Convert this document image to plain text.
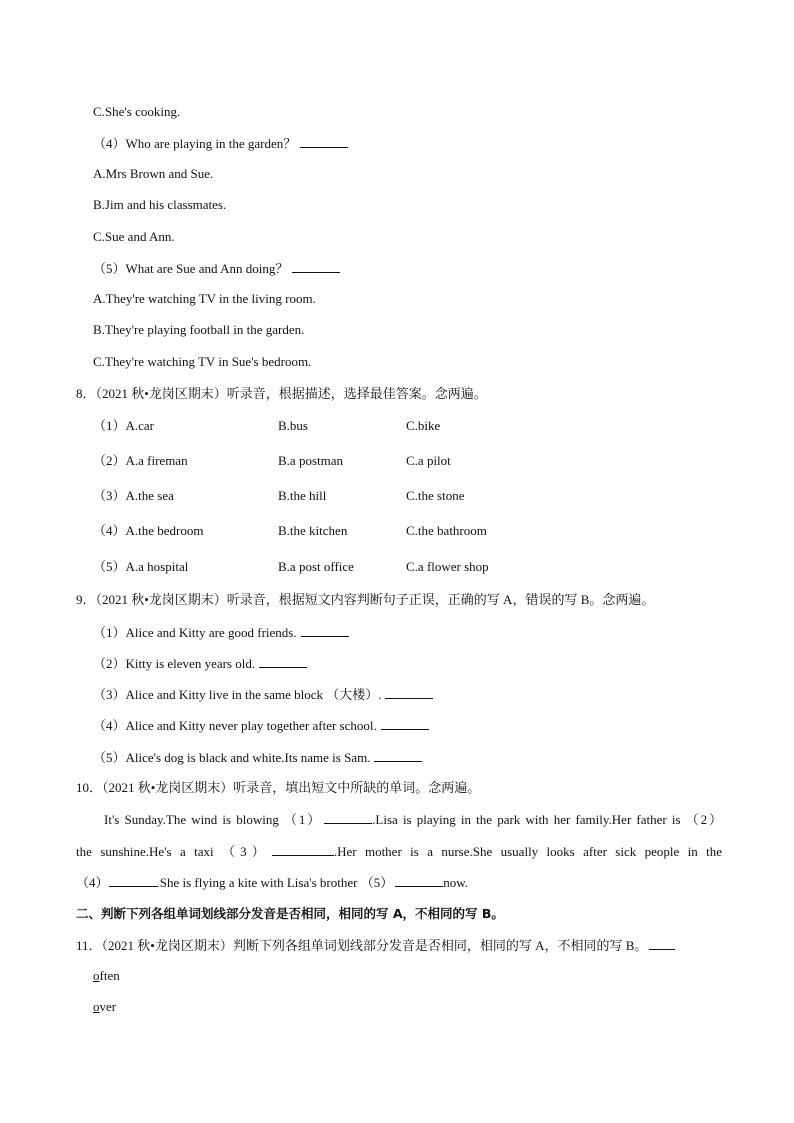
C.She's cooking.
（4）Who are playing in the garden？
A.Mrs Brown and Sue.
B.Jim and his classmates.
C.Sue and Ann.
（5）What are Sue and Ann doing？
A.They're watching TV in the living room.
B.They're playing football in the garden.
C.They're watching TV in Sue's bedroom.
8．（2021 秋•龙岗区期末）听录音，根据描述，选择最佳答案。念两遍。
（1）A.car	B.bus	C.bike
（2）A.a fireman	B.a postman	C.a pilot
（3）A.the sea	B.the hill	C.the stone
（4）A.the bedroom	B.the kitchen	C.the bathroom
（5）A.a hospital	B.a post office	C.a flower shop
9．（2021 秋•龙岗区期末）听录音，根据短文内容判断句子正误，正确的写 A，错误的写 B。念两遍。
（1）Alice and Kitty are good friends.
（2）Kitty is eleven years old.
（3）Alice and Kitty live in the same block （大楼）.
（4）Alice and Kitty never play together after school.
（5）Alice's dog is black and white.Its name is Sam.
10．（2021 秋•龙岗区期末）听录音，填出短文中所缺的单词。念两遍。
It's Sunday.The wind is blowing （1）	.Lisa is playing in the park with her family.Her father is （2）
the sunshine.He's a taxi （3）	.Her mother is a nurse.She usually looks after sick people in the
（4）	.She is flying a kite with Lisa's brother （5）	now.
二、判断下列各组单词划线部分发音是否相同，相同的写 A，不相同的写 B。
11．（2021 秋•龙岗区期末）判断下列各组单词划线部分发音是否相同，相同的写 A，不相同的写 B。
often
over
